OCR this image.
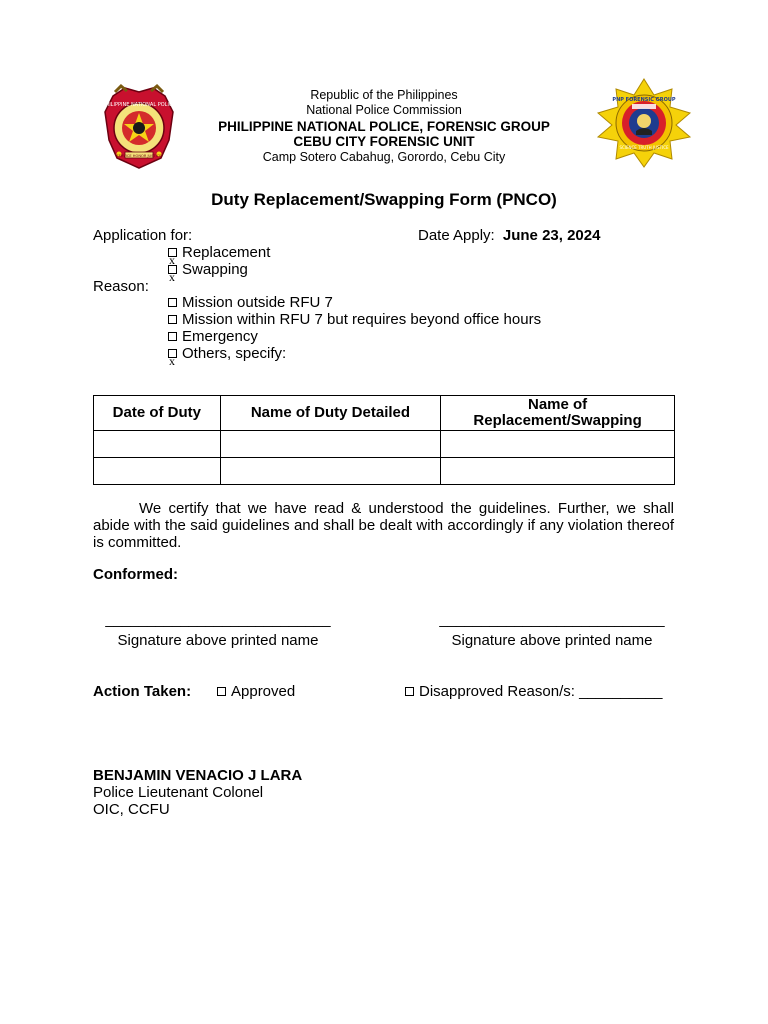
PHILIPPINE NATIONAL POLICE
SERVICE HONOR JUSTICE
PNP FORENSIC GROUP
SCIENCE TRUTH JUSTICE
Republic of the Philippines
National Police Commission
PHILIPPINE NATIONAL POLICE, FORENSIC GROUP
CEBU CITY FORENSIC UNIT
Camp Sotero Cabahug, Gorordo, Cebu City
Duty Replacement/Swapping Form (PNCO)
Application for:	Date Apply: June 23, 2024
Replacement
x
Swapping
x
Reason:
Mission outside RFU 7
Mission within RFU 7 but requires beyond office hours
Emergency
Others, specify:
x
Date of Duty	Name of Duty Detailed	Name of Replacement/Swapping

We certify that we have read & understood the guidelines. Further, we shall abide with the said guidelines and shall be dealt with accordingly if any violation thereof is committed.
Conformed:
___________________________
Signature above printed name
___________________________
Signature above printed name
Action Taken:	Approved	Disapproved Reason/s: __________
BENJAMIN VENACIO J LARA
Police Lieutenant Colonel
OIC, CCFU
